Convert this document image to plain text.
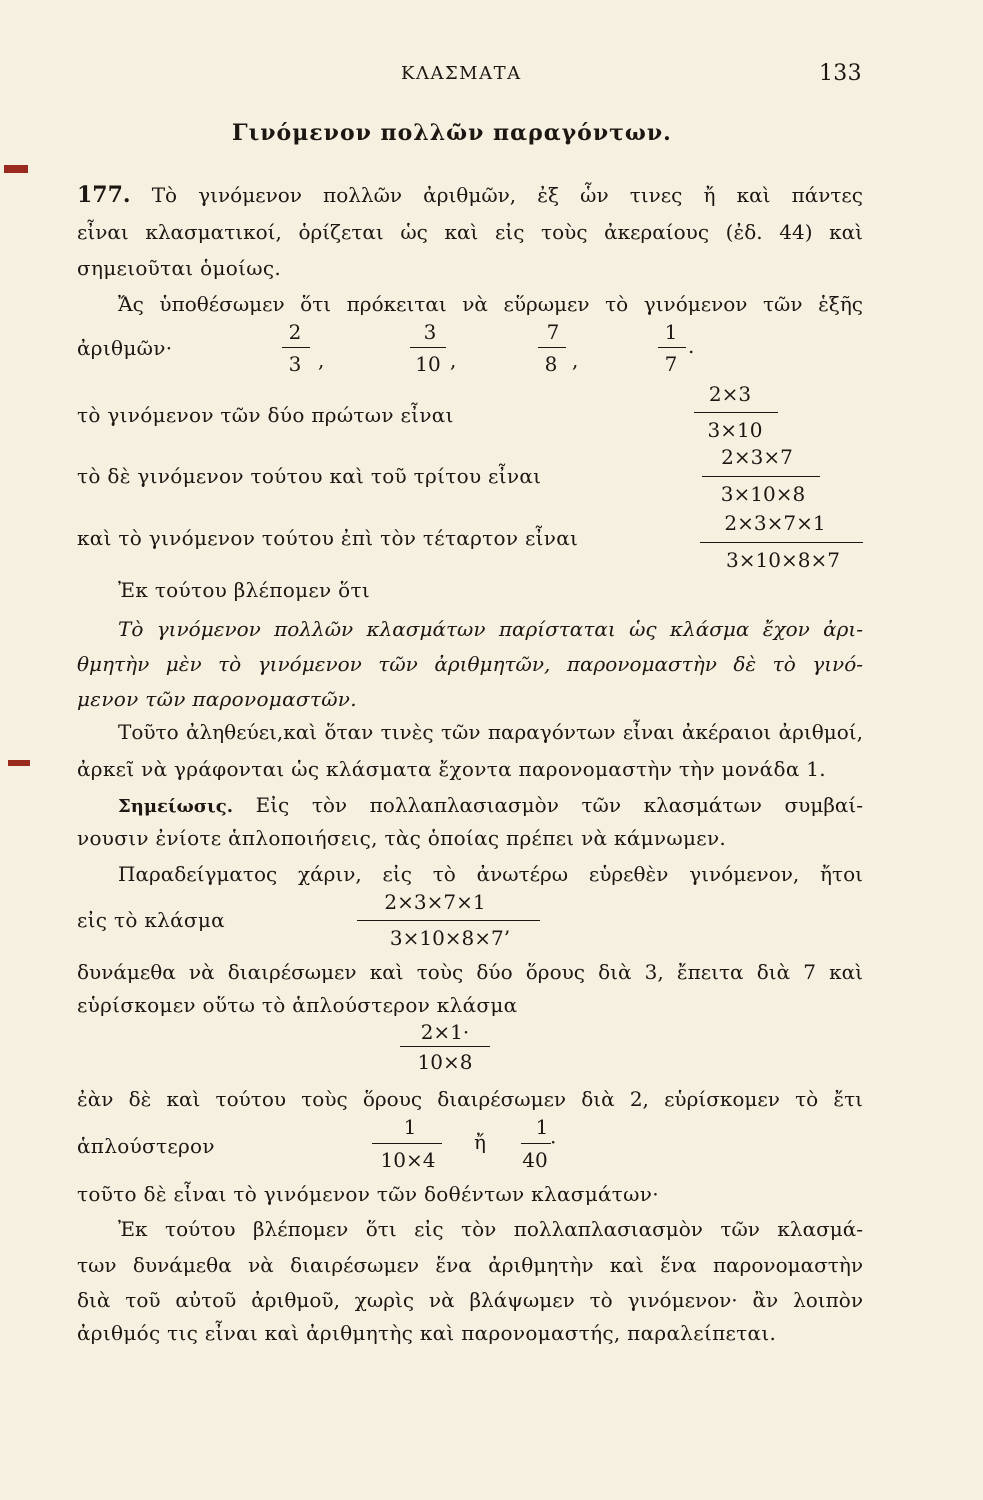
ΚΛΑΣΜΑΤΑ	133
Γινόμενον πολλῶν παραγόντων.
177. Τὸ γινόμενον πολλῶν ἀριθμῶν, ἐξ ὧν τινες ἤ καὶ πάντες
εἶναι κλασματικοί, ὁρίζεται ὡς καὶ εἰς τοὺς ἀκεραίους (ἐδ. 44) καὶ
σημειοῦται ὁμοίως.
Ἄς ὑποθέσωμεν ὅτι πρόκειται νὰ εὕρωμεν τὸ γινόμενον τῶν ἑξῆς
ἀριθμῶν·
2
3 ,
3
10 ,
7
8 ,
1
7
.
τὸ γινόμενον τῶν δύο πρώτων εἶναι
2×3
3×10
τὸ δὲ γινόμενον τούτου καὶ τοῦ τρίτου εἶναι
2×3×7
3×10×8
καὶ τὸ γινόμενον τούτου ἐπὶ τὸν τέταρτον εἶναι
2×3×7×1
3×10×8×7
Ἐκ τούτου βλέπομεν ὅτι
Τὸ γινόμενον πολλῶν κλασμάτων παρίσταται ὡς κλάσμα ἔχον ἀρι-
θμητὴν μὲν τὸ γινόμενον τῶν ἀριθμητῶν, παρονομαστὴν δὲ τὸ γινό-
μενον τῶν παρονομαστῶν.
Τοῦτο ἀληθεύει,καὶ ὅταν τινὲς τῶν παραγόντων εἶναι ἀκέραιοι ἀριθμοί,
ἀρκεῖ νὰ γράφονται ὡς κλάσματα ἔχοντα παρονομαστὴν τὴν μονάδα 1.
Σημείωσις. Εἰς τὸν πολλαπλασιασμὸν τῶν κλασμάτων συμβαί-
νουσιν ἐνίοτε ἁπλοποιήσεις, τὰς ὁποίας πρέπει νὰ κάμνωμεν.
Παραδείγματος χάριν, εἰς τὸ ἀνωτέρω εὑρεθὲν γινόμενον, ἤτοι
εἰς τὸ κλάσμα
2×3×7×1
3×10×8×7’
δυνάμεθα νὰ διαιρέσωμεν καὶ τοὺς δύο ὅρους διὰ 3, ἔπειτα διὰ 7 καὶ
εὑρίσκομεν οὕτω τὸ ἁπλούστερον κλάσμα
2×1·
10×8
ἐὰν δὲ καὶ τούτου τοὺς ὅρους διαιρέσωμεν διὰ 2, εὑρίσκομεν τὸ ἔτι
ἁπλούστερον
1
10×4
ἤ
1
40
·
τοῦτο δὲ εἶναι τὸ γινόμενον τῶν δοθέντων κλασμάτων·
Ἐκ τούτου βλέπομεν ὅτι εἰς τὸν πολλαπλασιασμὸν τῶν κλασμά-
των δυνάμεθα νὰ διαιρέσωμεν ἕνα ἀριθμητὴν καὶ ἕνα παρονομαστὴν
διὰ τοῦ αὐτοῦ ἀριθμοῦ, χωρὶς νὰ βλάψωμεν τὸ γινόμενον· ἂν λοιπὸν
ἀριθμός τις εἶναι καὶ ἀριθμητὴς καὶ παρονομαστής, παραλείπεται.
